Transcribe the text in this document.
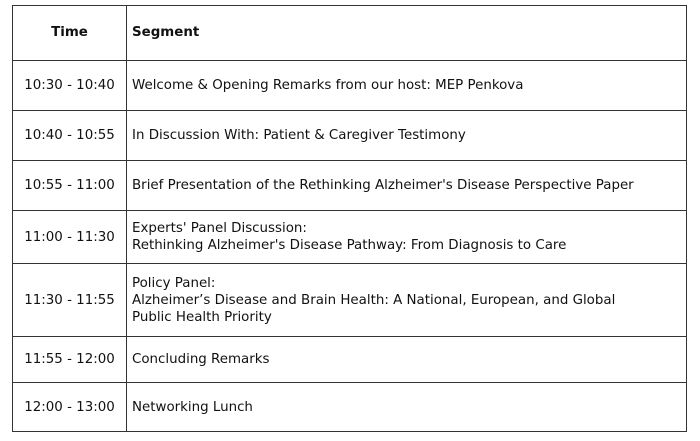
Time	Segment
10:30 - 10:40	Welcome & Opening Remarks from our host: MEP Penkova

10:40 - 10:55	In Discussion With: Patient & Caregiver Testimony

10:55 - 11:00	Brief Presentation of the Rethinking Alzheimer's Disease Perspective Paper

11:00 - 11:30	Experts' Panel Discussion:
Rethinking Alzheimer's Disease Pathway: From Diagnosis to Care

11:30 - 11:55	Policy Panel:
Alzheimer’s Disease and Brain Health: A National, European, and Global
Public Health Priority

11:55 - 12:00	Concluding Remarks

12:00 - 13:00	Networking Lunch
